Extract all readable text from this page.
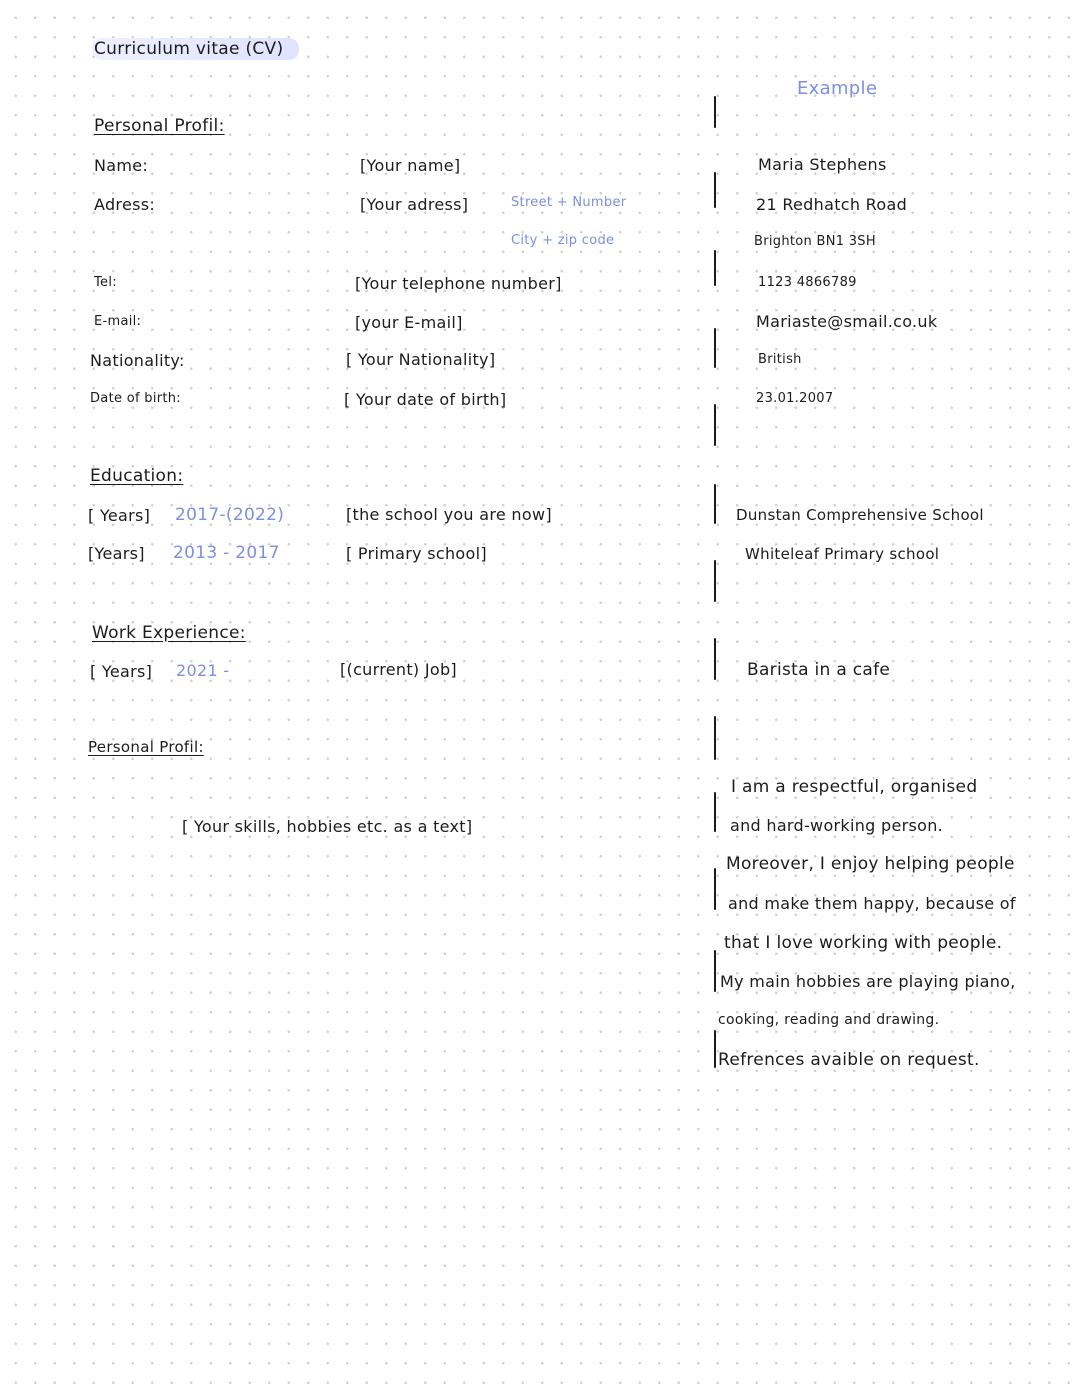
Curriculum vitae (CV)
Example
Personal Profil:
Name:	[Your name]	Maria Stephens
Adress:	[Your adress]	Street + Number	21 Redhatch Road
City + zip code	Brighton BN1 3SH
Tel:	[Your telephone number]	1123 4866789
E-mail:	[your E-mail]	Mariaste@smail.co.uk
Nationality:	[ Your Nationality]	British
Date of birth:	[ Your date of birth]	23.01.2007
Education:
[ Years] 2017-(2022)	[the school you are now]	Dunstan Comprehensive School
[Years] 2013 - 2017	[ Primary school]	Whiteleaf Primary school
Work Experience:
[ Years] 2021 -	[(current) Job]	Barista in a cafe
Personal Profil:
[ Your skills, hobbies etc. as a text]
I am a respectful, organised
and hard-working person.
Moreover, I enjoy helping people
and make them happy, because of
that I love working with people.
My main hobbies are playing piano,
cooking, reading and drawing.
Refrences avaible on request.
